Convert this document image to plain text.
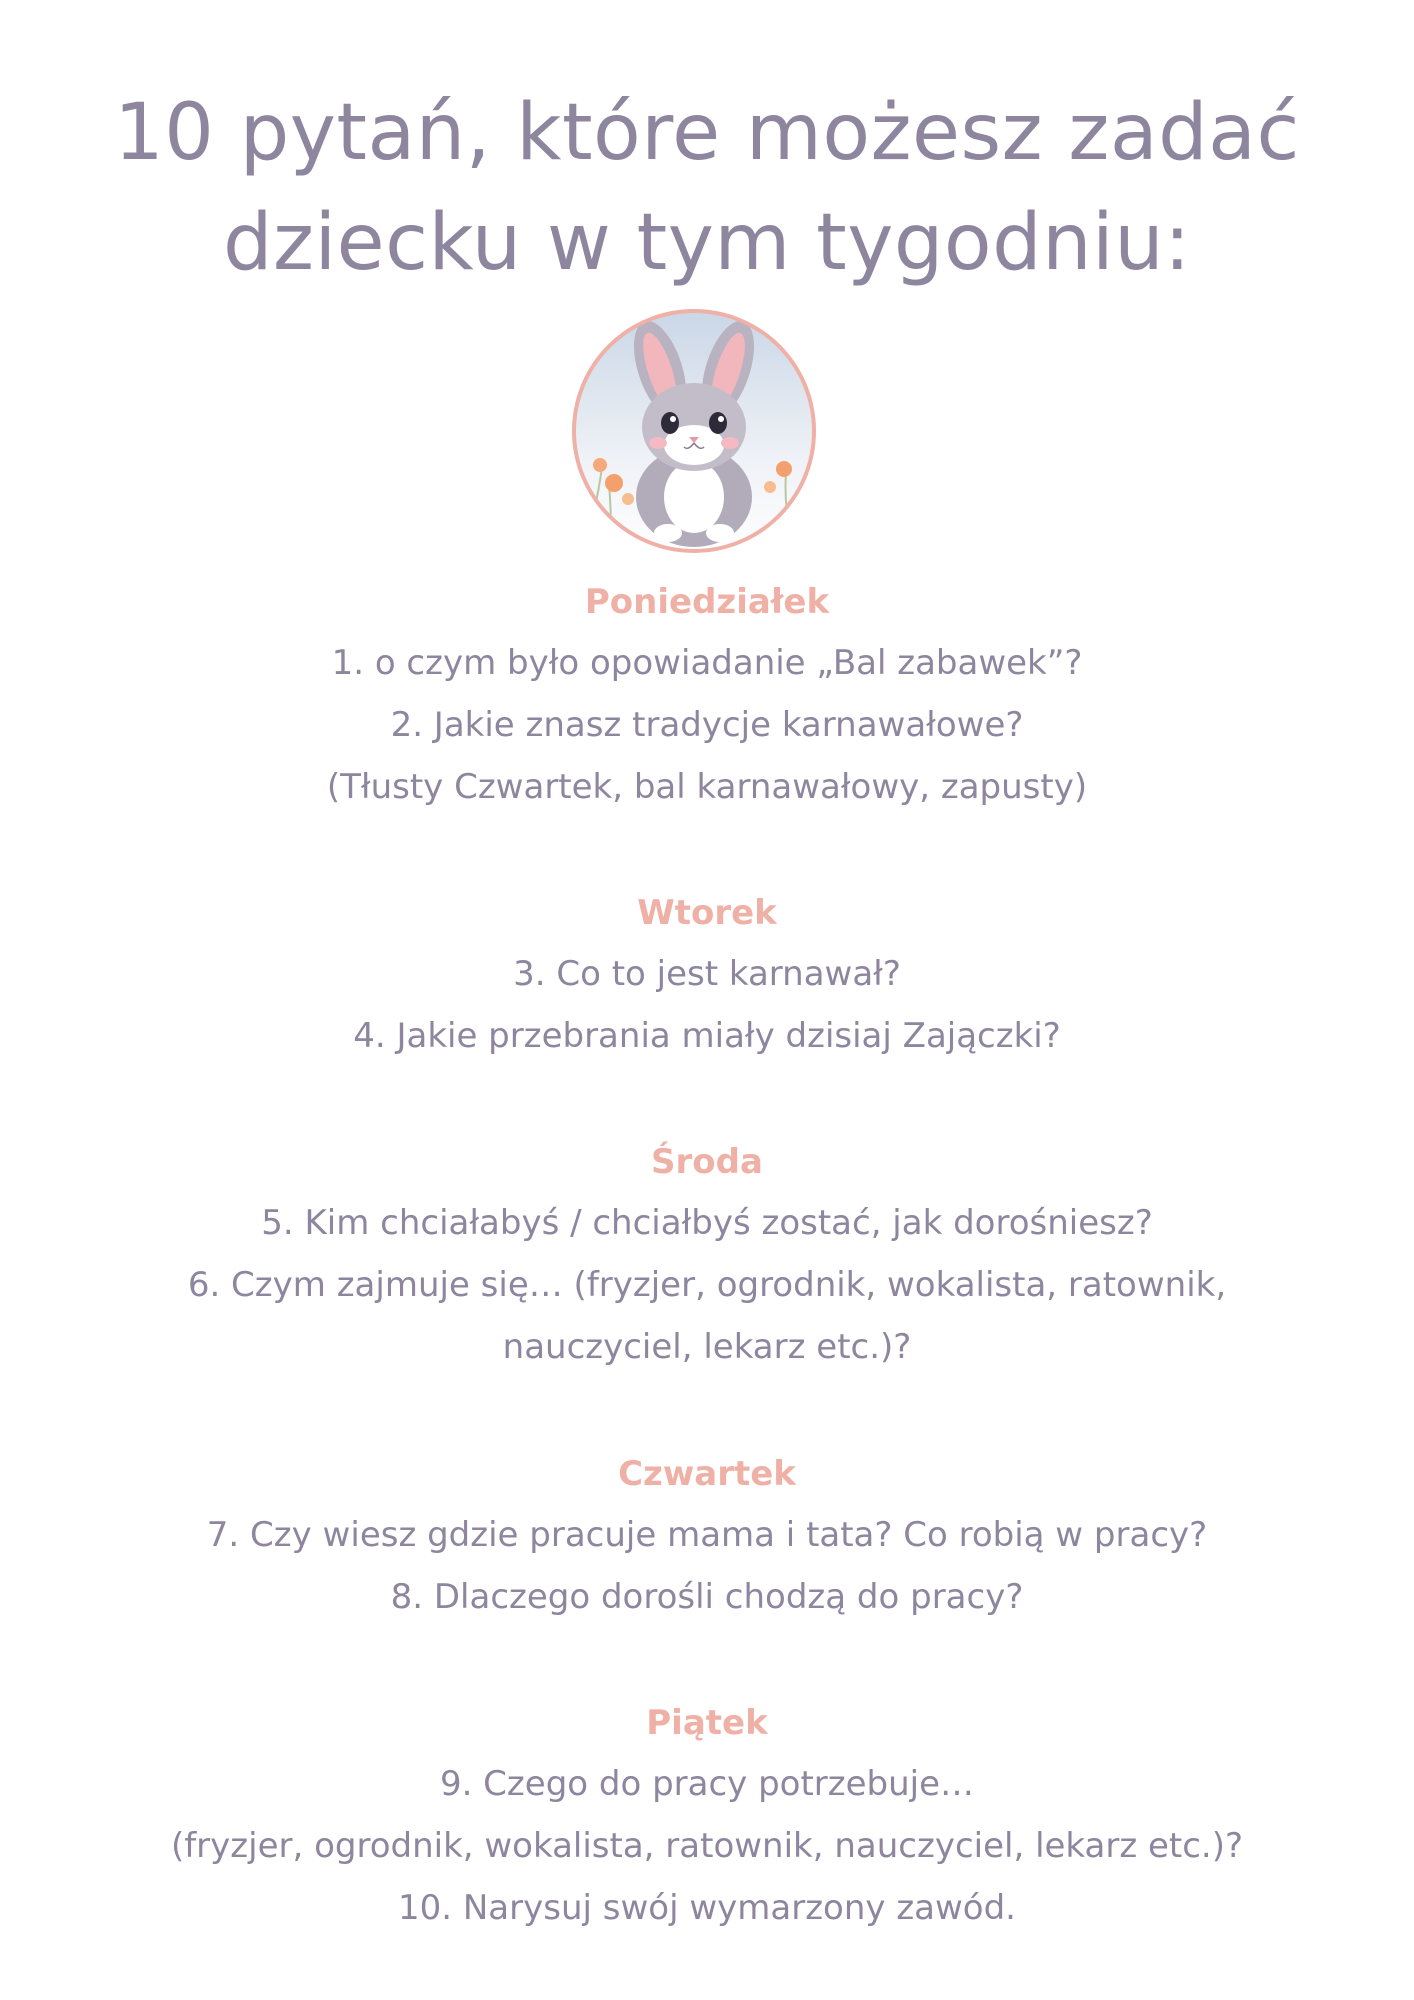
10 pytań, które możesz zadać
dziecku w tym tygodniu:

Poniedziałek

1. o czym było opowiadanie „Bal zabawek”?

2. Jakie znasz tradycje karnawałowe?

(Tłusty Czwartek, bal karnawałowy, zapusty)

Wtorek

3. Co to jest karnawał?

4. Jakie przebrania miały dzisiaj Zajączki?

Środa

5. Kim chciałabyś / chciałbyś zostać, jak dorośniesz?

6. Czym zajmuje się… (fryzjer, ogrodnik, wokalista, ratownik,

nauczyciel, lekarz etc.)?

Czwartek

7. Czy wiesz gdzie pracuje mama i tata? Co robią w pracy?

8. Dlaczego dorośli chodzą do pracy?

Piątek

9. Czego do pracy potrzebuje…

(fryzjer, ogrodnik, wokalista, ratownik, nauczyciel, lekarz etc.)?

10. Narysuj swój wymarzony zawód.
